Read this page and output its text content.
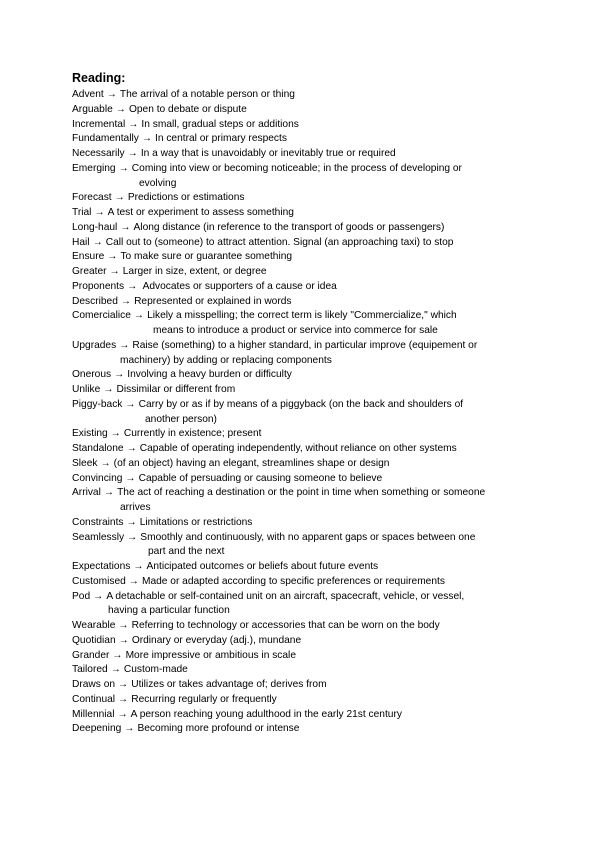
Reading:
Advent → The arrival of a notable person or thing
Arguable → Open to debate or dispute
Incremental → In small, gradual steps or additions
Fundamentally → In central or primary respects
Necessarily → In a way that is unavoidably or inevitably true or required
Emerging → Coming into view or becoming noticeable; in the process of developing or
evolving
Forecast → Predictions or estimations
Trial → A test or experiment to assess something
Long-haul → Along distance (in reference to the transport of goods or passengers)
Hail → Call out to (someone) to attract attention. Signal (an approaching taxi) to stop
Ensure → To make sure or guarantee something
Greater → Larger in size, extent, or degree
Proponents → Advocates or supporters of a cause or idea
Described → Represented or explained in words
Comercialice → Likely a misspelling; the correct term is likely "Commercialize," which
means to introduce a product or service into commerce for sale
Upgrades → Raise (something) to a higher standard, in particular improve (equipement or
machinery) by adding or replacing components
Onerous → Involving a heavy burden or difficulty
Unlike → Dissimilar or different from
Piggy-back → Carry by or as if by means of a piggyback (on the back and shoulders of
another person)
Existing → Currently in existence; present
Standalone → Capable of operating independently, without reliance on other systems
Sleek → (of an object) having an elegant, streamlines shape or design
Convincing → Capable of persuading or causing someone to believe
Arrival → The act of reaching a destination or the point in time when something or someone
arrives
Constraints → Limitations or restrictions
Seamlessly → Smoothly and continuously, with no apparent gaps or spaces between one
part and the next
Expectations → Anticipated outcomes or beliefs about future events
Customised → Made or adapted according to specific preferences or requirements
Pod → A detachable or self-contained unit on an aircraft, spacecraft, vehicle, or vessel,
having a particular function
Wearable → Referring to technology or accessories that can be worn on the body
Quotidian → Ordinary or everyday (adj.), mundane
Grander → More impressive or ambitious in scale
Tailored → Custom-made
Draws on → Utilizes or takes advantage of; derives from
Continual → Recurring regularly or frequently
Millennial → A person reaching young adulthood in the early 21st century
Deepening → Becoming more profound or intense
